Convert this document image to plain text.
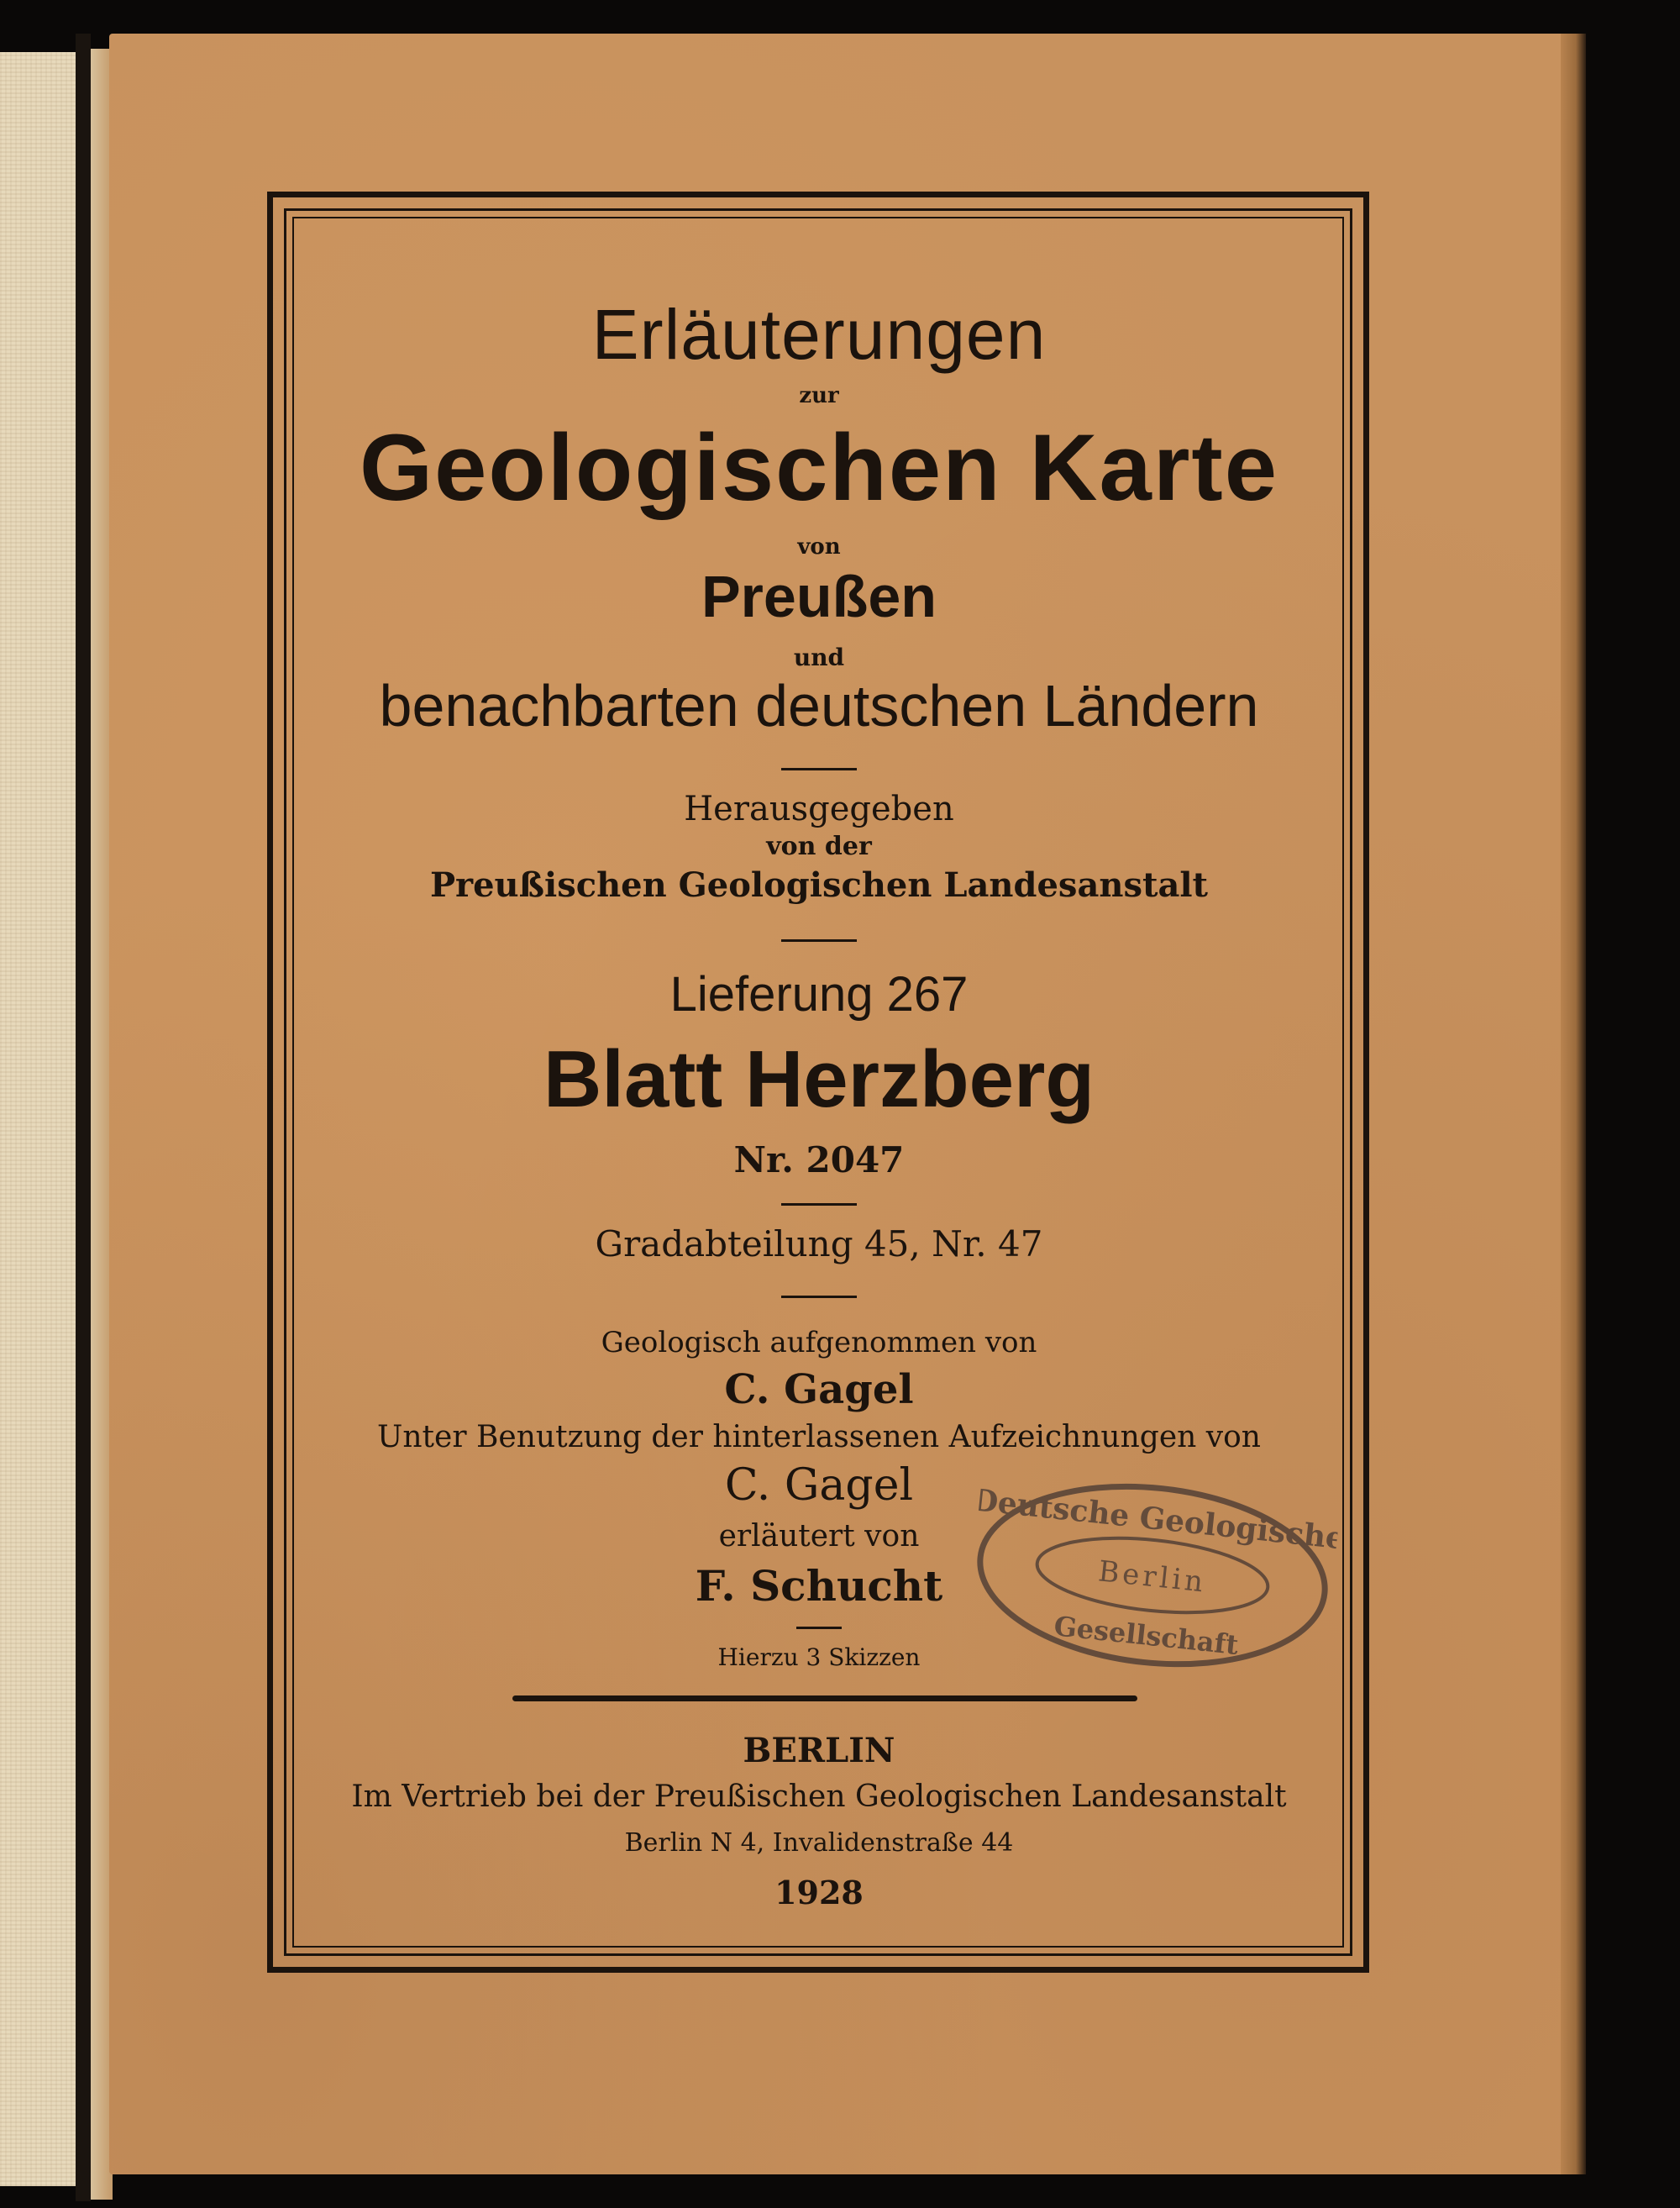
Erläuterungen

zur

Geologischen Karte

von

Preußen

und

benachbarten deutschen Ländern

Herausgegeben

von der

Preußischen Geologischen Landesanstalt

Lieferung 267

Blatt Herzberg

Nr. 2047

Gradabteilung 45, Nr. 47

Geologisch aufgenommen von

C. Gagel

Unter Benutzung der hinterlassenen Aufzeichnungen von

C. Gagel

erläutert von

F. Schucht

Hierzu 3 Skizzen

BERLIN

Im Vertrieb bei der Preußischen Geologischen Landesanstalt

Berlin N 4, Invalidenstraße 44

1928

Deutsche Geologische
Berlin
Gesellschaft
